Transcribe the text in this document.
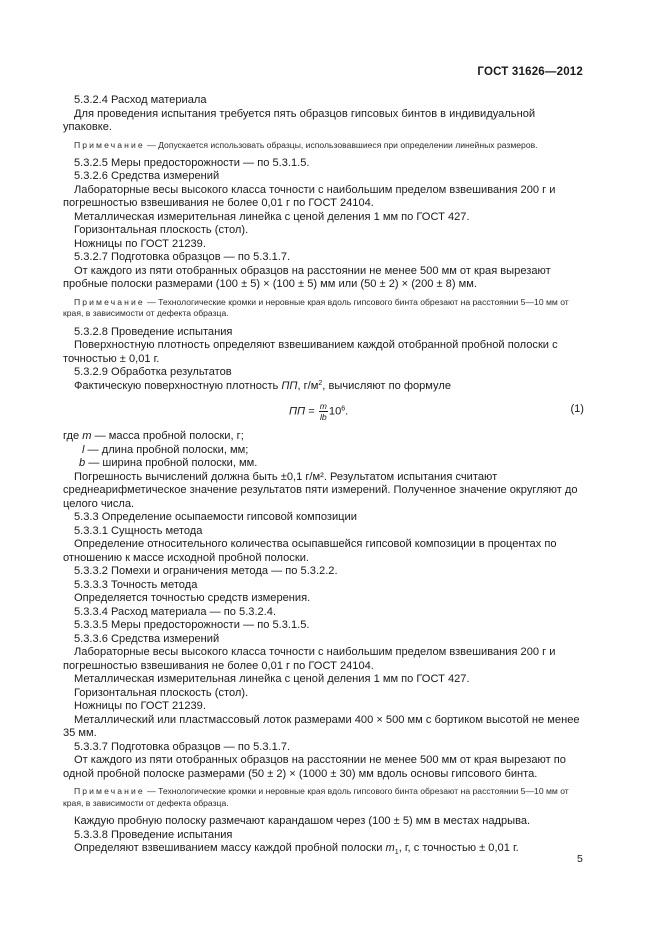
ГОСТ 31626—2012

5.3.2.4 Расход материала

Для проведения испытания требуется пять образцов гипсовых бинтов в индивидуальной упаковке.

Примечание — Допускается использовать образцы, использовавшиеся при определении линейных размеров.

5.3.2.5 Меры предосторожности — по 5.3.1.5.

5.3.2.6 Средства измерений

Лабораторные весы высокого класса точности с наибольшим пределом взвешивания 200 г и погрешностью взвешивания не более 0,01 г по ГОСТ 24104.

Металлическая измерительная линейка с ценой деления 1 мм по ГОСТ 427.

Горизонтальная плоскость (стол).

Ножницы по ГОСТ 21239.

5.3.2.7 Подготовка образцов — по 5.3.1.7.

От каждого из пяти отобранных образцов на расстоянии не менее 500 мм от края вырезают пробные полоски размерами (100 ± 5) × (100 ± 5) мм или (50 ± 2) × (200 ± 8) мм.

Примечание — Технологические кромки и неровные края вдоль гипсового бинта обрезают на расстоянии 5—10 мм от края, в зависимости от дефекта образца.

5.3.2.8 Проведение испытания

Поверхностную плотность определяют взвешиванием каждой отобранной пробной полоски с точностью ± 0,01 г.

5.3.2.9 Обработка результатов

Фактическую поверхностную плотность ПП, $г/м^2$, вычисляют по формуле

ПП = $\frac{m}{lb} 10^6$.	(1)

где m — масса пробной полоски, г;

l — длина пробной полоски, мм;

b — ширина пробной полоски, мм.

Погрешность вычислений должна быть ±0,1 г/м². Результатом испытания считают среднеарифметическое значение результатов пяти измерений. Полученное значение округляют до целого числа.

5.3.3 Определение осыпаемости гипсовой композиции

5.3.3.1 Сущность метода

Определение относительного количества осыпавшейся гипсовой композиции в процентах по отношению к массе исходной пробной полоски.

5.3.3.2 Помехи и ограничения метода — по 5.3.2.2.

5.3.3.3 Точность метода

Определяется точностью средств измерения.

5.3.3.4 Расход материала — по 5.3.2.4.

5.3.3.5 Меры предосторожности — по 5.3.1.5.

5.3.3.6 Средства измерений

Лабораторные весы высокого класса точности с наибольшим пределом взвешивания 200 г и погрешностью взвешивания не более 0,01 г по ГОСТ 24104.

Металлическая измерительная линейка с ценой деления 1 мм по ГОСТ 427.

Горизонтальная плоскость (стол).

Ножницы по ГОСТ 21239.

Металлический или пластмассовый лоток размерами 400 × 500 мм с бортиком высотой не менее 35 мм.

5.3.3.7 Подготовка образцов — по 5.3.1.7.

От каждого из пяти отобранных образцов на расстоянии не менее 500 мм от края вырезают по одной пробной полоске размерами (50 ± 2) × (1000 ± 30) мм вдоль основы гипсового бинта.

Примечание — Технологические кромки и неровные края вдоль гипсового бинта обрезают на расстоянии 5—10 мм от края, в зависимости от дефекта образца.

Каждую пробную полоску размечают карандашом через (100 ± 5) мм в местах надрыва.

5.3.3.8 Проведение испытания

Определяют взвешиванием массу каждой пробной полоски $m_1$, г, с точностью ± 0,01 г.

5
